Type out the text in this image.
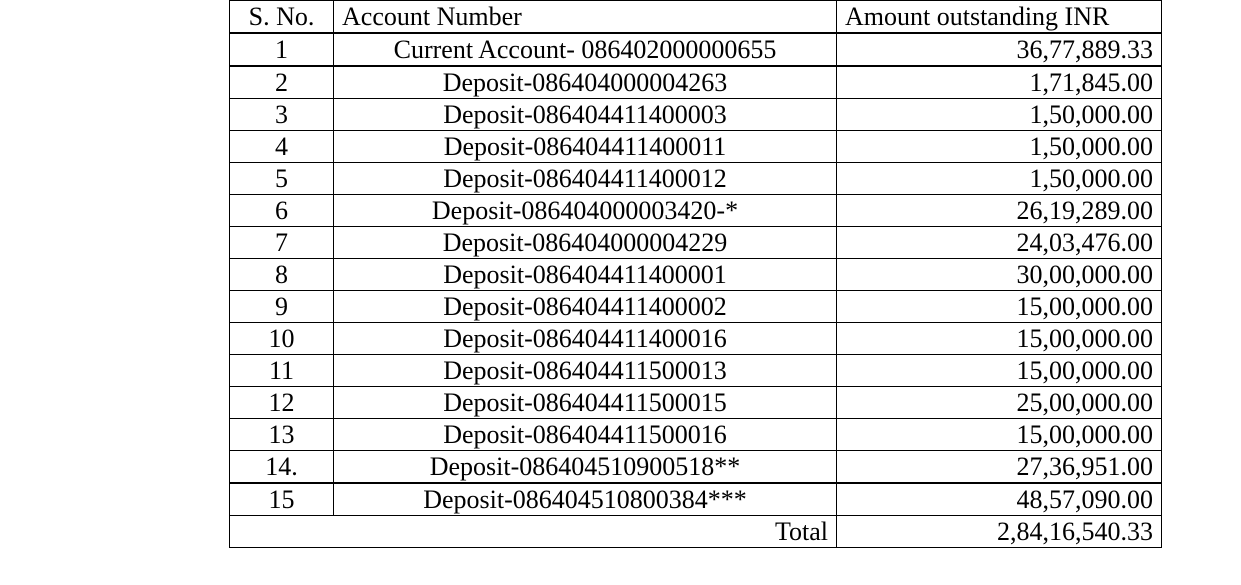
S. No.	Account Number	Amount outstanding INR
1	Current Account- 086402000000655	36,77,889.33
2	Deposit-086404000004263	1,71,845.00
3	Deposit-086404411400003	1,50,000.00
4	Deposit-086404411400011	1,50,000.00
5	Deposit-086404411400012	1,50,000.00
6	Deposit-086404000003420-*	26,19,289.00
7	Deposit-086404000004229	24,03,476.00
8	Deposit-086404411400001	30,00,000.00
9	Deposit-086404411400002	15,00,000.00
10	Deposit-086404411400016	15,00,000.00
11	Deposit-086404411500013	15,00,000.00
12	Deposit-086404411500015	25,00,000.00
13	Deposit-086404411500016	15,00,000.00
14.	Deposit-086404510900518**	27,36,951.00
15	Deposit-086404510800384***	48,57,090.00
Total		2,84,16,540.33
